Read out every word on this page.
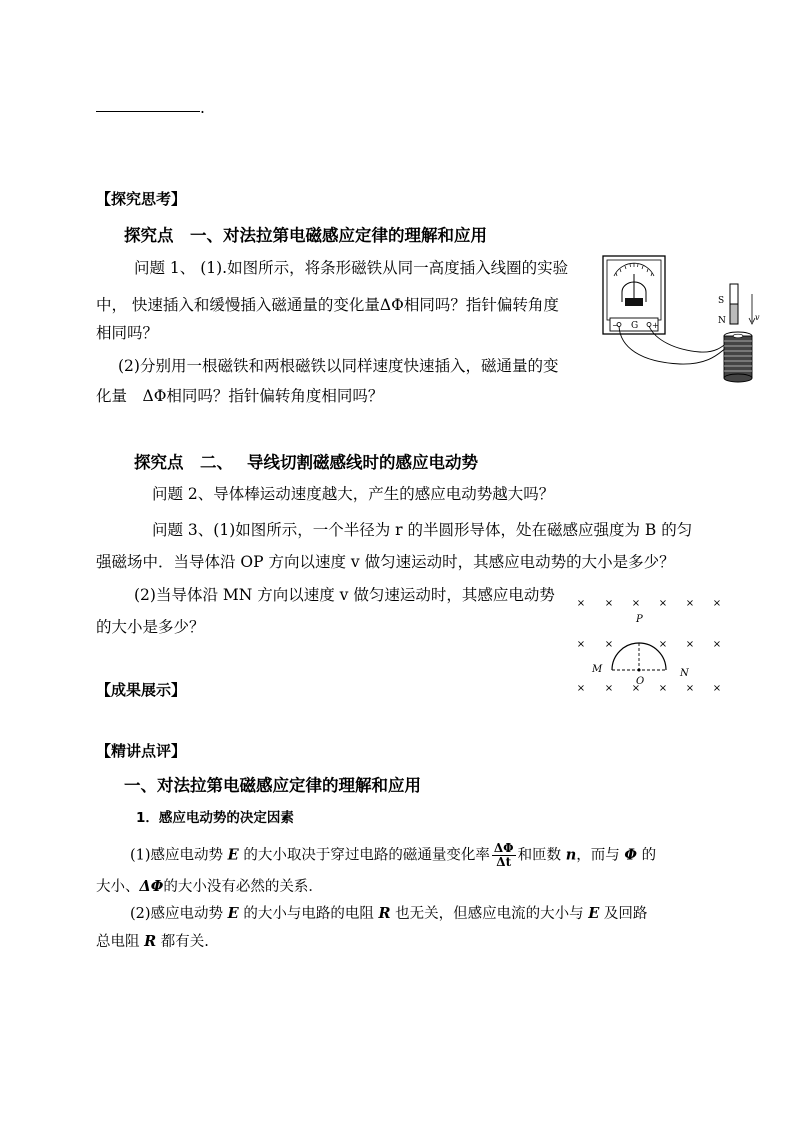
.
【探究思考】
探究点　一、对法拉第电磁感应定律的理解和应用
问题 1、 (1).如图所示，将条形磁铁从同一高度插入线圈的实验
中， 快速插入和缓慢插入磁通量的变化量ΔΦ相同吗？指针偏转角度
相同吗？
(2)分别用一根磁铁和两根磁铁以同样速度快速插入，磁通量的变
化量　ΔΦ相同吗？指针偏转角度相同吗？
− G +
S
N	v
探究点　二、　 导线切割磁感线时的感应电动势
问题 2、导体棒运动速度越大，产生的感应电动势越大吗？
问题 3、(1)如图所示，一个半径为 r 的半圆形导体，处在磁感应强度为 B 的匀
强磁场中．当导体沿 OP 方向以速度 v 做匀速运动时，其感应电动势的大小是多少？
(2)当导体沿 MN 方向以速度 v 做匀速运动时，其感应电动势
的大小是多少？
× × × × × ×
× ×	× × ×
× × × × × ×
P
M	N
O
【成果展示】
【精讲点评】
一、对法拉第电磁感应定律的理解和应用
1．感应电动势的决定因素
(1)感应电动势 E 的大小取决于穿过电路的磁通量变化率 $\frac{\Delta\Phi}{\Delta t}$ 和匝数 n，而与 Φ 的
大小、ΔΦ的大小没有必然的关系．
(2)感应电动势 E 的大小与电路的电阻 R 也无关，但感应电流的大小与 E 及回路
总电阻 R 都有关.
